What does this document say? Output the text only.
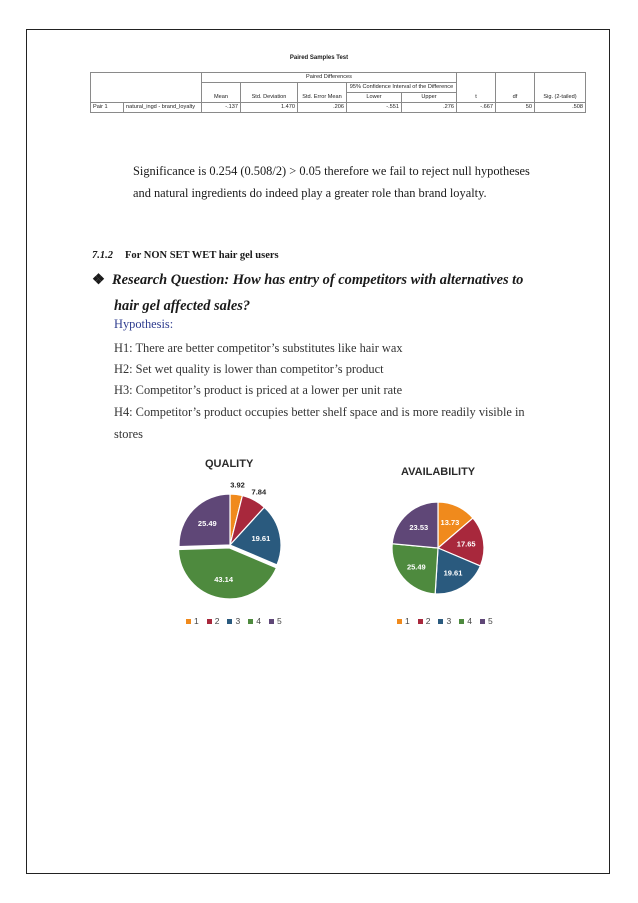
Paired Samples Test
		Paired Differences					t	df	Sig. (2-tailed)
		Mean	Std. Deviation	Std. Error Mean	95% Confidence Interval of the Difference				
					Lower	Upper			
Pair 1	natural_ingd - brand_loyalty	-.137	1.470	.206	-.551	.276	-.667	50	.508
Significance is 0.254 (0.508/2) > 0.05 therefore we fail to reject null hypotheses
and natural ingredients do indeed play a greater role than brand loyalty.
7.1.2 For NON SET WET hair gel users
❖ Research Question: How has entry of competitors with alternatives to
hair gel affected sales?
Hypothesis:
H1: There are better competitor’s substitutes like hair wax
H2: Set wet quality is lower than competitor’s product
H3: Competitor’s product is priced at a lower per unit rate
H4: Competitor’s product occupies better shelf space and is more readily visible in
stores
QUALITY
3.92
7.84
19.61
43.14
25.49
1 2 3 4 5
AVAILABILITY
13.73
17.65
19.61
25.49
23.53
1 2 3 4 5
